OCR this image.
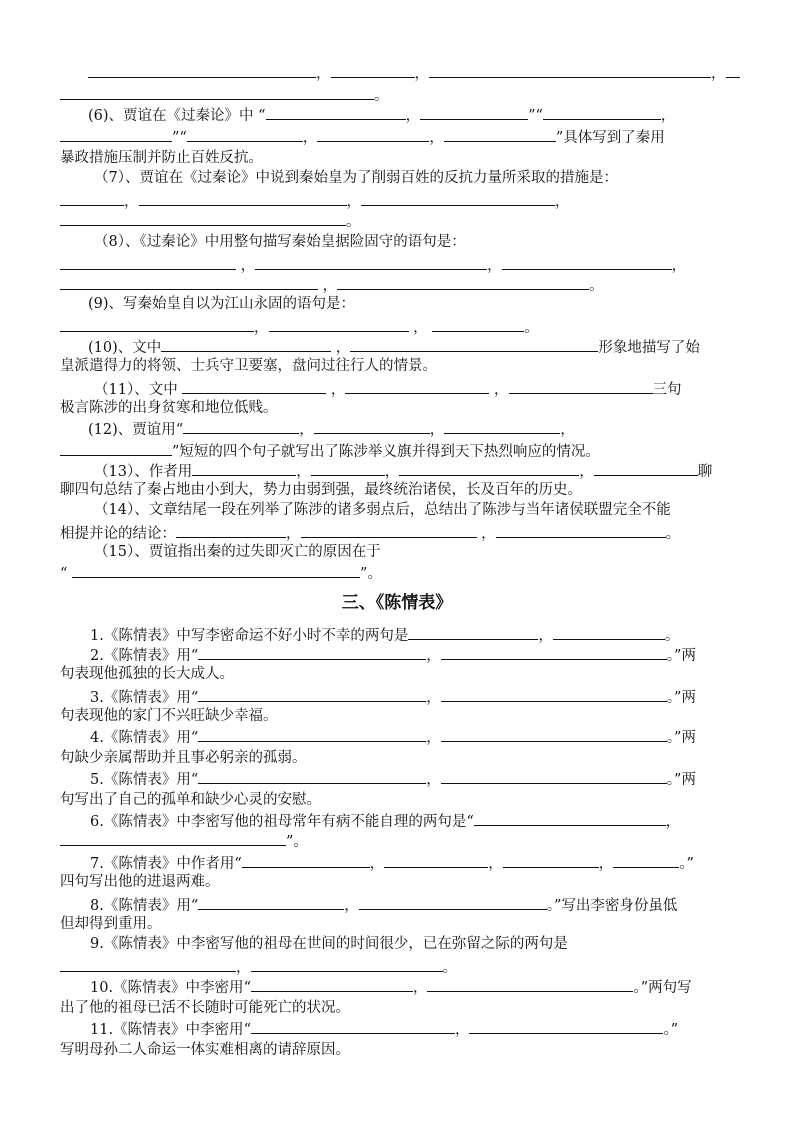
，	，	，
。
(6)、贾谊在《过秦论》中 “	，	”“	，
”“	，	，	”具体写到了秦用
暴政措施压制并防止百姓反抗。
（7）、贾谊在《过秦论》中说到秦始皇为了削弱百姓的反抗力量所采取的措施是：
，	，	，
。
（8）、《过秦论》中用整句描写秦始皇据险固守的语句是：
，	，	，
，	。
(9)、写秦始皇自以为江山永固的语句是：
，	，	。
(10)、文中	，	形象地描写了始
皇派遣得力的将领、士兵守卫要塞，盘问过往行人的情景。
（11）、文中	，	，	三句
极言陈涉的出身贫寒和地位低贱。
(12)、贾谊用“	，	，	，
”短短的四个句子就写出了陈涉举义旗并得到天下热烈响应的情况。
（13）、作者用	，	，	，	聊
聊四句总结了秦占地由小到大，势力由弱到强，最终统治诸侯，长及百年的历史。
（14）、文章结尾一段在列举了陈涉的诸多弱点后，总结出了陈涉与当年诸侯联盟完全不能
相提并论的结论：	，	，	。
（15）、贾谊指出秦的过失即灭亡的原因在于
“	”。
三、《陈情表》
1.《陈情表》中写李密命运不好小时不幸的两句是	，	。
2.《陈情表》用“	，	。”两
句表现他孤独的长大成人。
3.《陈情表》用“	，	。”两
句表现他的家门不兴旺缺少幸福。
4.《陈情表》用“	，	。”两
句缺少亲属帮助并且事必躬亲的孤弱。
5.《陈情表》用“	，	。”两
句写出了自己的孤单和缺少心灵的安慰。
6.《陈情表》中李密写他的祖母常年有病不能自理的两句是“	，
”。
7.《陈情表》中作者用“	，	，	，	。”
四句写出他的进退两难。
8.《陈情表》用“	，	。”写出李密身份虽低
但却得到重用。
9.《陈情表》中李密写他的祖母在世间的时间很少，已在弥留之际的两句是
，	。
10.《陈情表》中李密用“	，	。”两句写
出了他的祖母已活不长随时可能死亡的状况。
11.《陈情表》中李密用“	，	。”
写明母孙二人命运一体实难相离的请辞原因。
